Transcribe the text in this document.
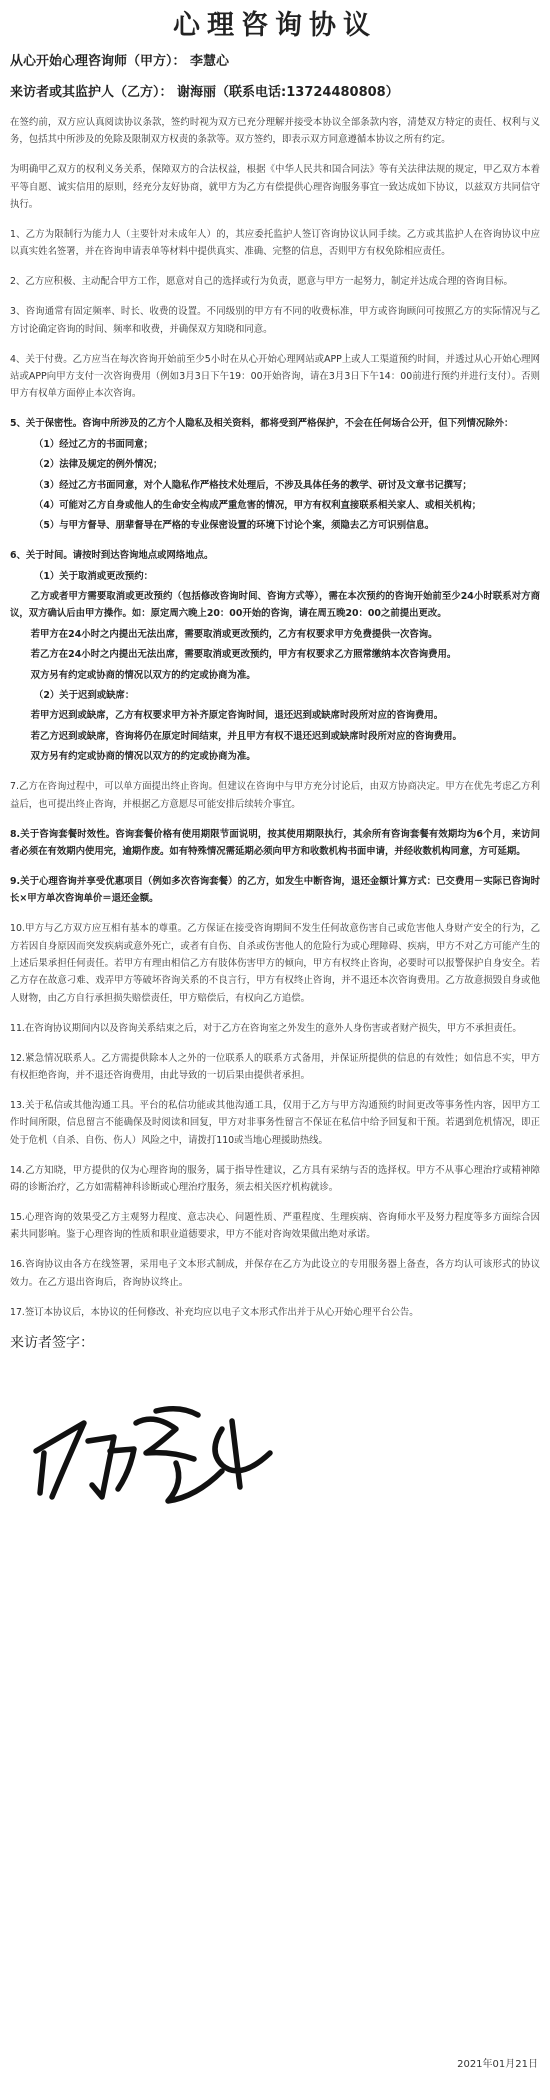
心理咨询协议

从心开始心理咨询师（甲方）： 李慧心

来访者或其监护人（乙方）： 谢海丽（联系电话:13724480808）

在签约前，双方应认真阅读协议条款，签约时视为双方已充分理解并接受本协议全部条款内容，清楚双方特定的责任、权利与义务，包括其中所涉及的免除及限制双方权责的条款等。双方签约，即表示双方同意遵循本协议之所有约定。

为明确甲乙双方的权利义务关系，保障双方的合法权益，根据《中华人民共和国合同法》等有关法律法规的规定，甲乙双方本着平等自愿、诚实信用的原则，经充分友好协商，就甲方为乙方有偿提供心理咨询服务事宜一致达成如下协议，以兹双方共同信守执行。

1、乙方为限制行为能力人（主要针对未成年人）的，其应委托监护人签订咨询协议认同手续。乙方或其监护人在咨询协议中应以真实姓名签署，并在咨询申请表单等材料中提供真实、准确、完整的信息，否则甲方有权免除相应责任。

2、乙方应积极、主动配合甲方工作，愿意对自己的选择或行为负责，愿意与甲方一起努力，制定并达成合理的咨询目标。

3、咨询通常有固定频率、时长、收费的设置。不同级别的甲方有不同的收费标准，甲方或咨询顾问可按照乙方的实际情况与乙方讨论确定咨询的时间、频率和收费，并确保双方知晓和同意。

4、关于付费。乙方应当在每次咨询开始前至少5小时在从心开始心理网站或APP上或人工渠道预约时间，并透过从心开始心理网站或APP向甲方支付一次咨询费用（例如3月3日下午19：00开始咨询，请在3月3日下午14：00前进行预约并进行支付）。否则甲方有权单方面停止本次咨询。

5、关于保密性。咨询中所涉及的乙方个人隐私及相关资料，都将受到严格保护，不会在任何场合公开，但下列情况除外：

（1）经过乙方的书面同意；

（2）法律及规定的例外情况；

（3）经过乙方书面同意，对个人隐私作严格技术处理后，不涉及具体任务的教学、研讨及文章书记撰写；

（4）可能对乙方自身或他人的生命安全构成严重危害的情况，甲方有权利直接联系相关家人、或相关机构；

（5）与甲方督导、朋辈督导在严格的专业保密设置的环境下讨论个案，须隐去乙方可识别信息。

6、关于时间。请按时到达咨询地点或网络地点。

（1）关于取消或更改预约：

乙方或者甲方需要取消或更改预约（包括修改咨询时间、咨询方式等），需在本次预约的咨询开始前至少24小时联系对方商议，双方确认后由甲方操作。如：原定周六晚上20：00开始的咨询，请在周五晚20：00之前提出更改。

若甲方在24小时之内提出无法出席，需要取消或更改预约，乙方有权要求甲方免费提供一次咨询。

若乙方在24小时之内提出无法出席，需要取消或更改预约，甲方有权要求乙方照常缴纳本次咨询费用。

双方另有约定或协商的情况以双方的约定或协商为准。

（2）关于迟到或缺席：

若甲方迟到或缺席，乙方有权要求甲方补齐原定咨询时间，退还迟到或缺席时段所对应的咨询费用。

若乙方迟到或缺席，咨询将仍在原定时间结束，并且甲方有权不退还迟到或缺席时段所对应的咨询费用。

双方另有约定或协商的情况以双方的约定或协商为准。

7.乙方在咨询过程中，可以单方面提出终止咨询。但建议在咨询中与甲方充分讨论后，由双方协商决定。甲方在优先考虑乙方利益后，也可提出终止咨询，并根据乙方意愿尽可能安排后续转介事宜。

8.关于咨询套餐时效性。咨询套餐价格有使用期限节面说明，按其使用期限执行，其余所有咨询套餐有效期均为6个月，来访问者必须在有效期内使用完，逾期作废。如有特殊情况需延期必须向甲方和收数机构书面申请，并经收数机构同意，方可延期。

9.关于心理咨询并享受优惠项目（例如多次咨询套餐）的乙方，如发生中断咨询，退还金额计算方式：已交费用－实际已咨询时长×甲方单次咨询单价＝退还金额。

10.甲方与乙方双方应互相有基本的尊重。乙方保证在接受咨询期间不发生任何故意伤害自己或危害他人身财产安全的行为，乙方若因自身原因而突发疾病或意外死亡，或者有自伤、自杀或伤害他人的危险行为或心理障碍、疾病，甲方不对乙方可能产生的上述后果承担任何责任。若甲方有理由相信乙方有肢体伤害甲方的倾向，甲方有权终止咨询，必要时可以报警保护自身安全。若乙方存在故意刁难、戏弄甲方等破坏咨询关系的不良言行，甲方有权终止咨询，并不退还本次咨询费用。乙方故意损毁自身或他人财物，由乙方自行承担损失赔偿责任，甲方赔偿后，有权向乙方追偿。

11.在咨询协议期间内以及咨询关系结束之后，对于乙方在咨询室之外发生的意外人身伤害或者财产损失，甲方不承担责任。

12.紧急情况联系人。乙方需提供除本人之外的一位联系人的联系方式备用，并保证所提供的信息的有效性；如信息不实，甲方有权拒绝咨询，并不退还咨询费用，由此导致的一切后果由提供者承担。

13.关于私信或其他沟通工具。平台的私信功能或其他沟通工具，仅用于乙方与甲方沟通预约时间更改等事务性内容，因甲方工作时间所限，信息留言不能确保及时阅读和回复，甲方对非事务性留言不保证在私信中给予回复和干预。若遇到危机情况，即正处于危机（自杀、自伤、伤人）风险之中，请拨打110或当地心理援助热线。

14.乙方知晓，甲方提供的仅为心理咨询的服务，属于指导性建议，乙方具有采纳与否的选择权。甲方不从事心理治疗或精神障碍的诊断治疗，乙方如需精神科诊断或心理治疗服务，须去相关医疗机构就诊。

15.心理咨询的效果受乙方主观努力程度、意志决心、问题性质、严重程度、生理疾病、咨询师水平及努力程度等多方面综合因素共同影响。鉴于心理咨询的性质和职业道德要求，甲方不能对咨询效果做出绝对承诺。

16.咨询协议由各方在线签署，采用电子文本形式制成，并保存在乙方为此设立的专用服务器上备查，各方均认可该形式的协议效力。在乙方退出咨询后，咨询协议终止。

17.签订本协议后，本协议的任何修改、补充均应以电子文本形式作出并于从心开始心理平台公告。

来访者签字：

2021年01月21日
